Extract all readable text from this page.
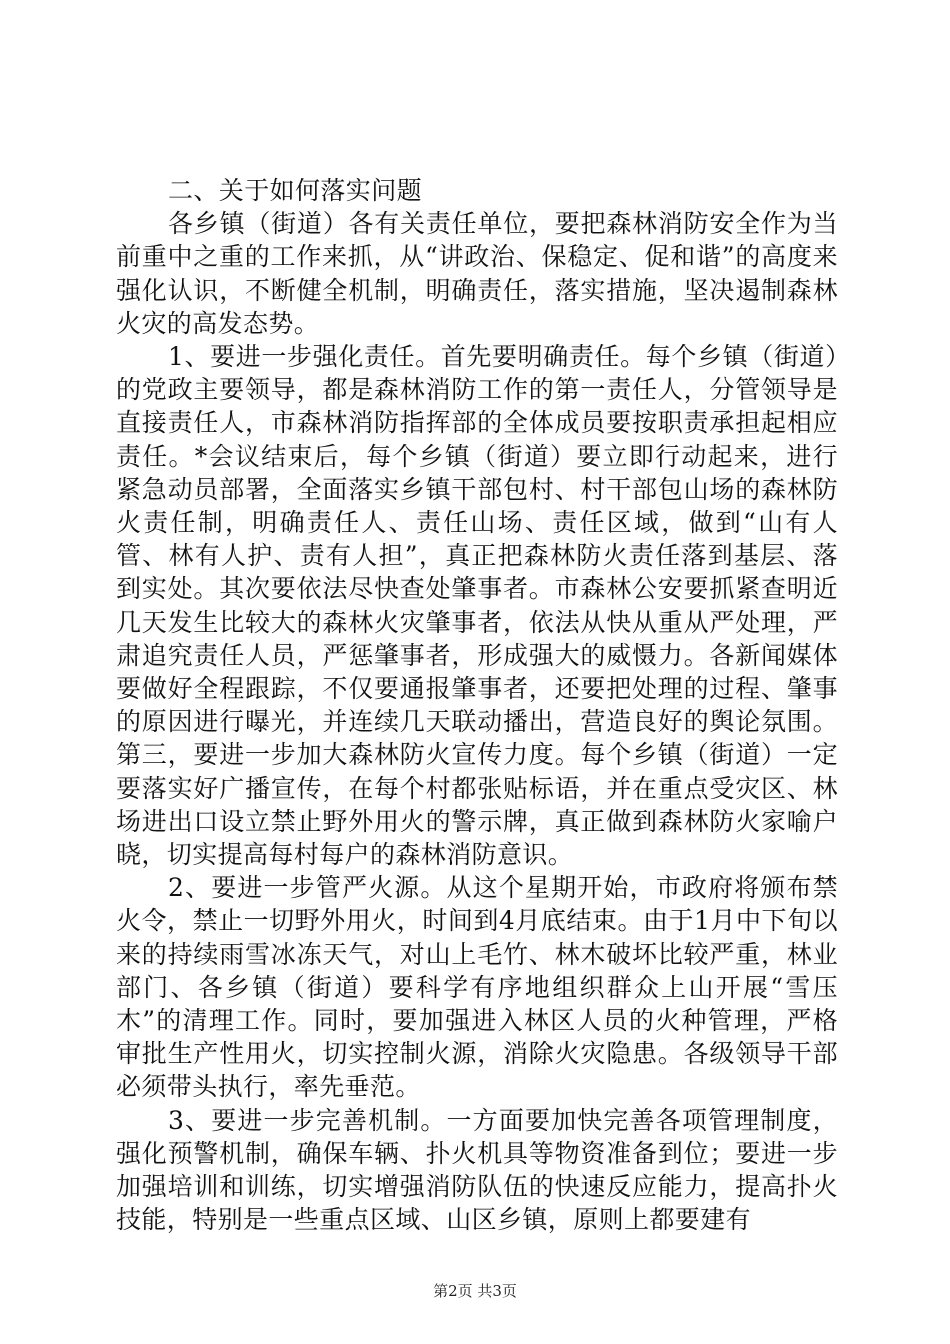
二、关于如何落实问题

各乡镇（街道）各有关责任单位，要把森林消防安全作为当前重中之重的工作来抓，从“讲政治、保稳定、促和谐”的高度来强化认识，不断健全机制，明确责任，落实措施，坚决遏制森林火灾的高发态势。

1、要进一步强化责任。首先要明确责任。每个乡镇（街道）的党政主要领导，都是森林消防工作的第一责任人，分管领导是直接责任人，市森林消防指挥部的全体成员要按职责承担起相应责任。*会议结束后，每个乡镇（街道）要立即行动起来，进行紧急动员部署，全面落实乡镇干部包村、村干部包山场的森林防火责任制，明确责任人、责任山场、责任区域，做到“山有人管、林有人护、责有人担”，真正把森林防火责任落到基层、落到实处。其次要依法尽快查处肇事者。市森林公安要抓紧查明近几天发生比较大的森林火灾肇事者，依法从快从重从严处理，严肃追究责任人员，严惩肇事者，形成强大的威慑力。各新闻媒体要做好全程跟踪，不仅要通报肇事者，还要把处理的过程、肇事的原因进行曝光，并连续几天联动播出，营造良好的舆论氛围。第三，要进一步加大森林防火宣传力度。每个乡镇（街道）一定要落实好广播宣传，在每个村都张贴标语，并在重点受灾区、林场进出口设立禁止野外用火的警示牌，真正做到森林防火家喻户晓，切实提高每村每户的森林消防意识。

2、要进一步管严火源。从这个星期开始，市政府将颁布禁火令，禁止一切野外用火，时间到4月底结束。由于1月中下旬以来的持续雨雪冰冻天气，对山上毛竹、林木破坏比较严重，林业部门、各乡镇（街道）要科学有序地组织群众上山开展“雪压木”的清理工作。同时，要加强进入林区人员的火种管理，严格审批生产性用火，切实控制火源，消除火灾隐患。各级领导干部必须带头执行，率先垂范。

3、要进一步完善机制。一方面要加快完善各项管理制度，强化预警机制，确保车辆、扑火机具等物资准备到位；要进一步加强培训和训练，切实增强消防队伍的快速反应能力，提高扑火技能，特别是一些重点区域、山区乡镇，原则上都要建有

第2页 共3页
